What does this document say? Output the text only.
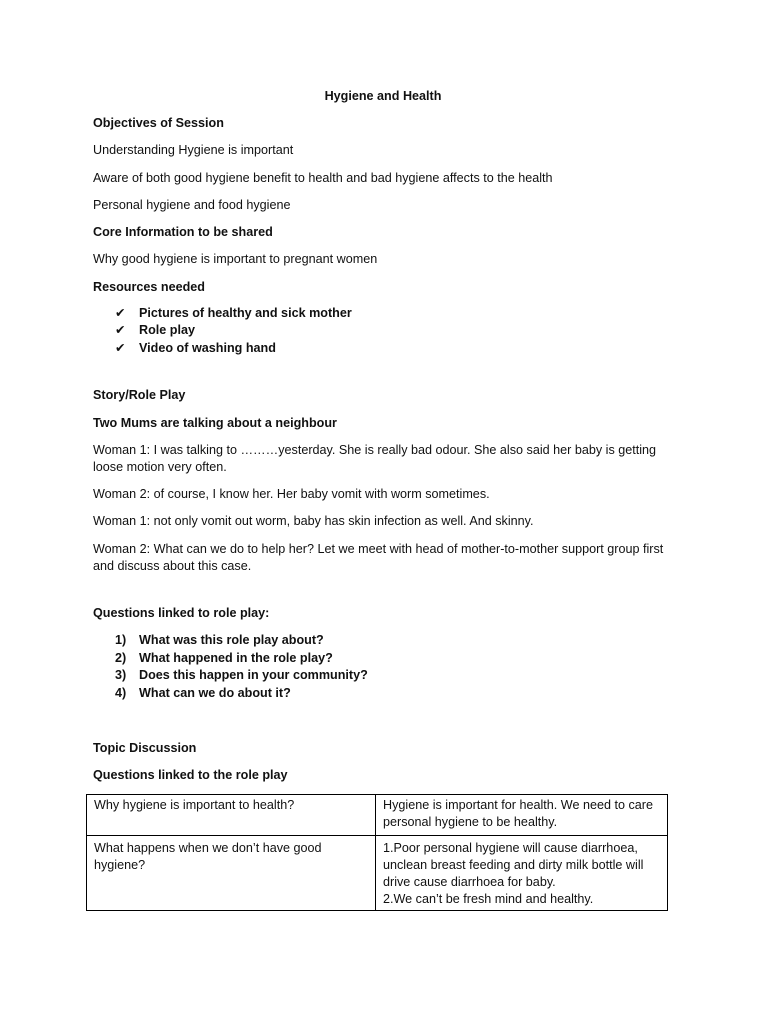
Hygiene and Health

Objectives of Session

Understanding Hygiene is important

Aware of both good hygiene benefit to health and bad hygiene affects to the health

Personal hygiene and food hygiene

Core Information to be shared

Why good hygiene is important to pregnant women

Resources needed

✔	Pictures of healthy and sick mother
✔	Role play
✔	Video of washing hand

Story/Role Play

Two Mums are talking about a neighbour

Woman 1: I was talking to ………yesterday. She is really bad odour. She also said her baby is getting loose motion very often.

Woman 2: of course, I know her. Her baby vomit with worm sometimes.

Woman 1: not only vomit out worm, baby has skin infection as well. And skinny.

Woman 2: What can we do to help her? Let we meet with head of mother-to-mother support group first and discuss about this case.

Questions linked to role play:

1)	What was this role play about?
2)	What happened in the role play?
3)	Does this happen in your community?
4)	What can we do about it?

Topic Discussion

Questions linked to the role play

Why hygiene is important to health?	Hygiene is important for health. We need to care personal hygiene to be healthy.

What happens when we don’t have good hygiene?	1.Poor personal hygiene will cause diarrhoea, unclean breast feeding and dirty milk bottle will drive cause diarrhoea for baby.
2.We can’t be fresh mind and healthy.
